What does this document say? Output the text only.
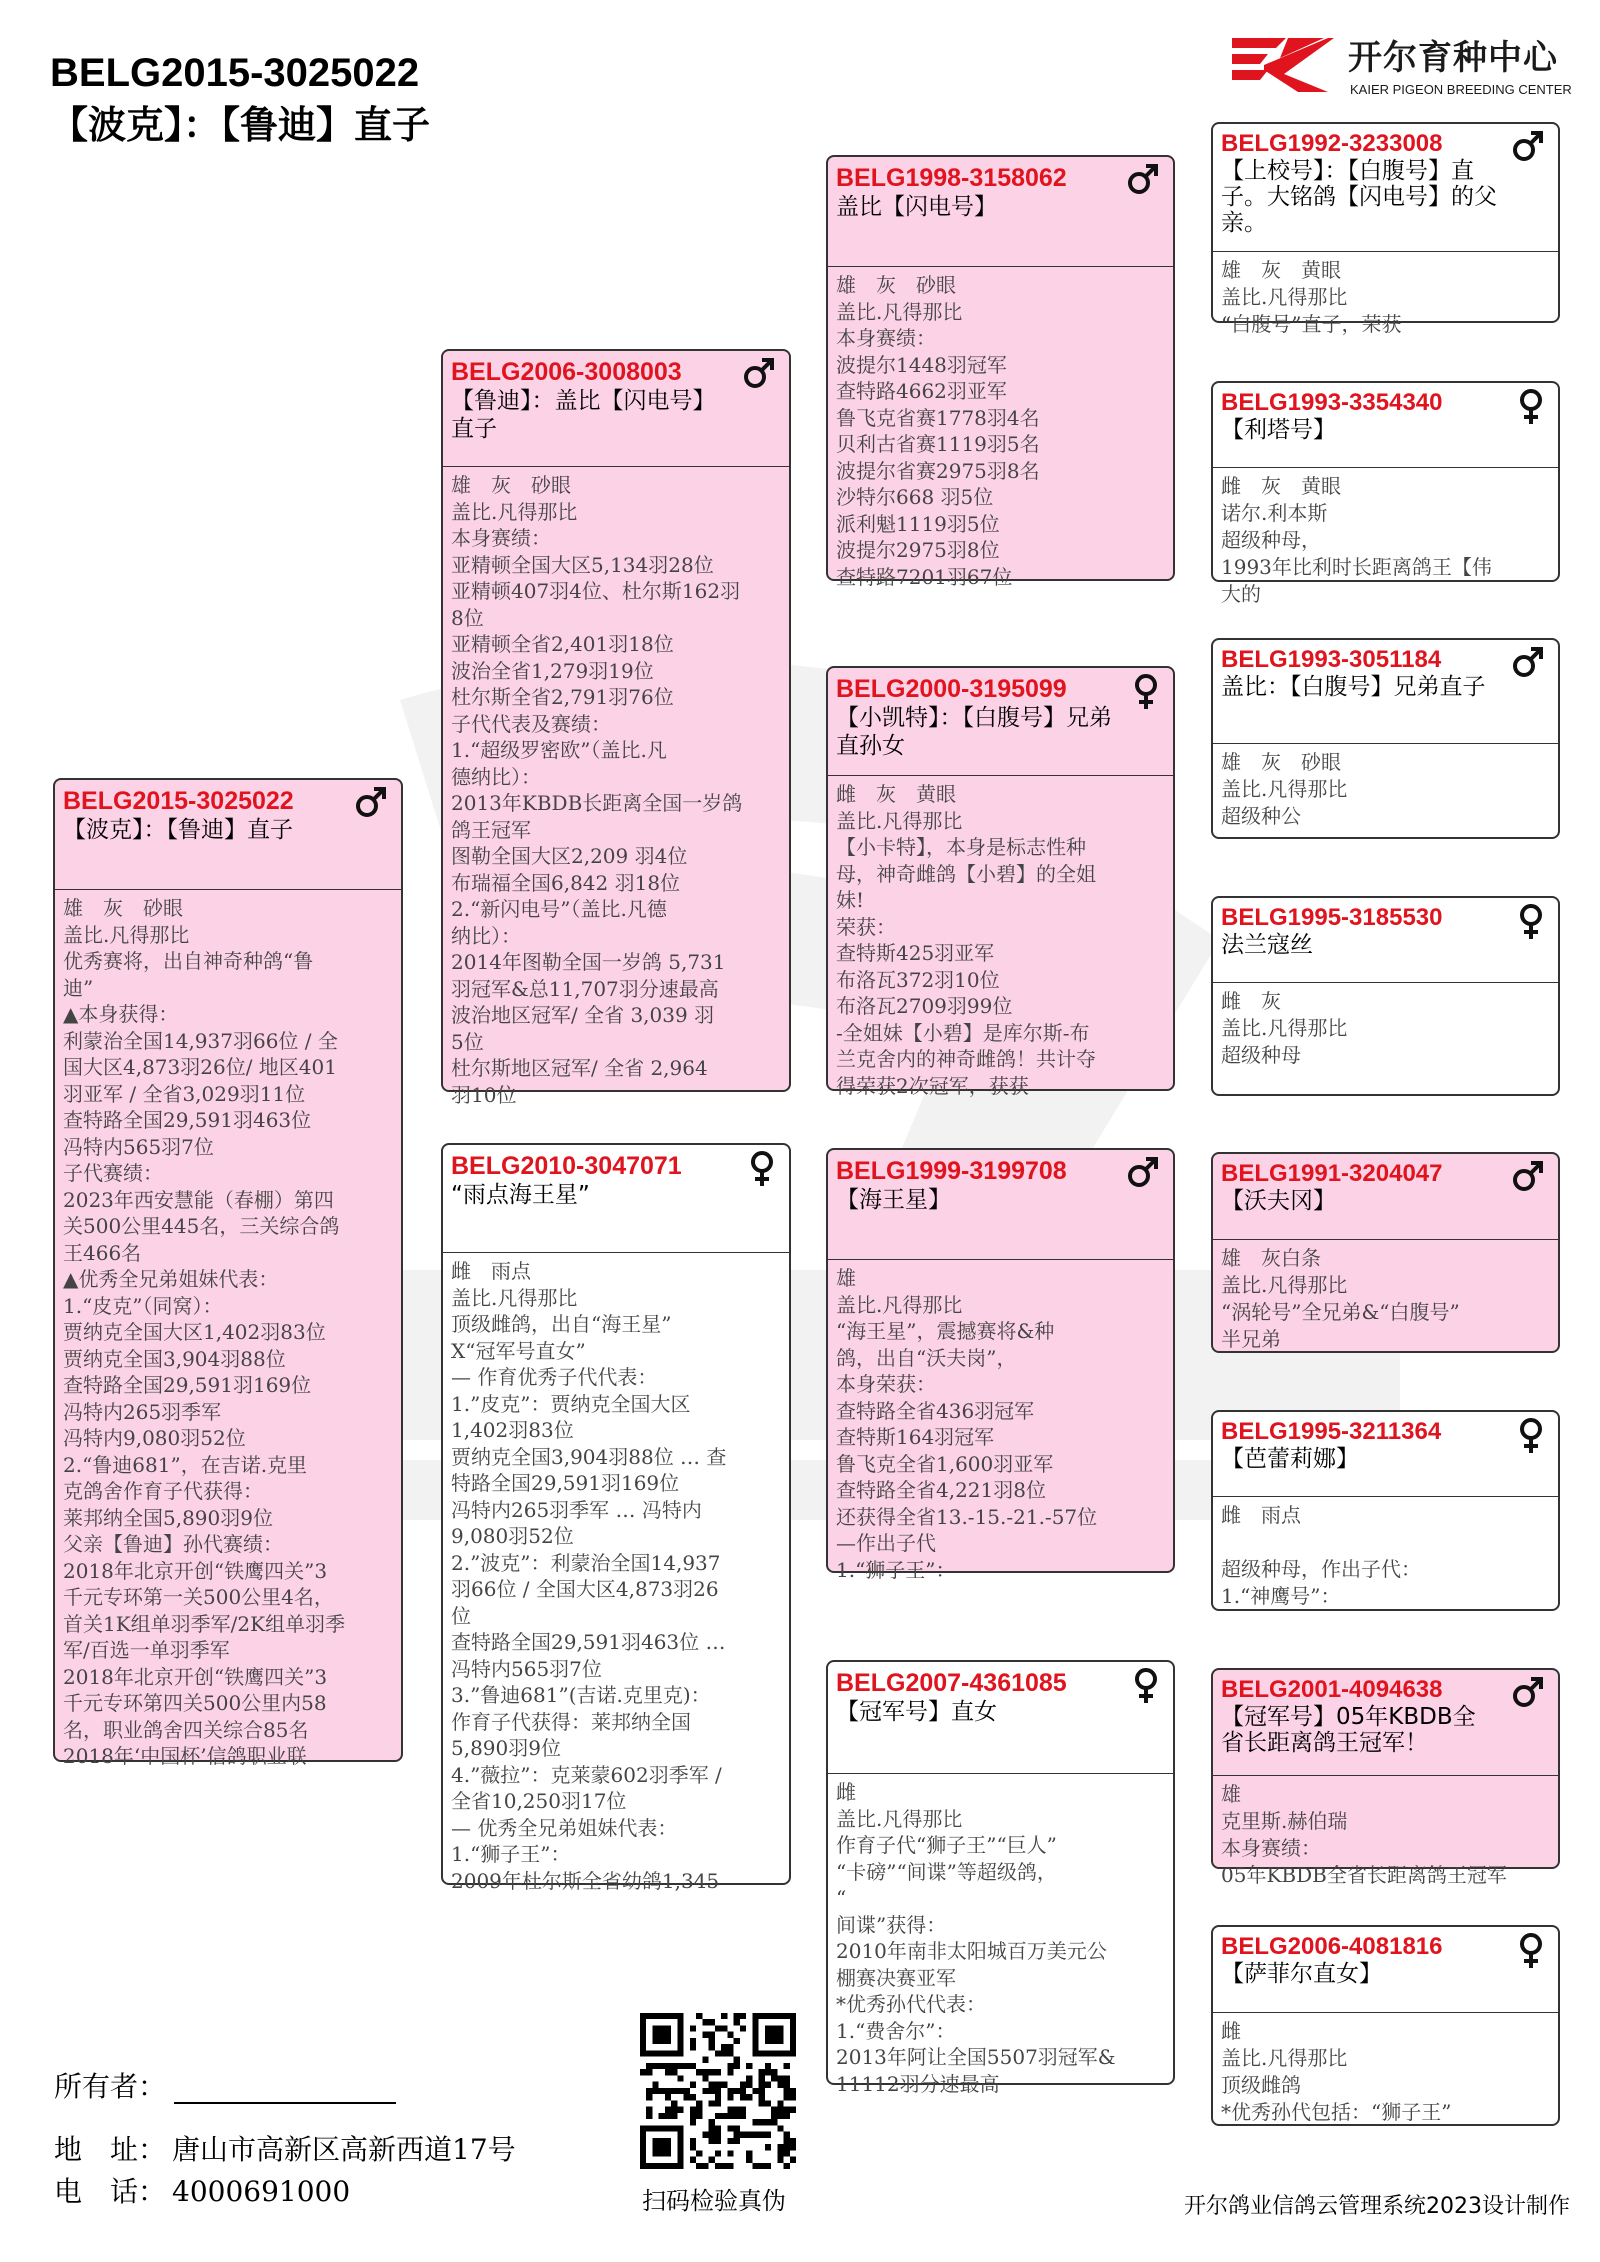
BELG2015-3025022
【波克】：【鲁迪】直子
开尔育种中心
KAIER PIGEON BREEDING CENTER
BELG2015-3025022
【波克】：【鲁迪】直子
雄　灰　砂眼
盖比.凡得那比
优秀赛将，出自神奇种鸽“鲁
迪”
▲本身获得：
利蒙治全国14,937羽66位 / 全
国大区4,873羽26位/ 地区401
羽亚军 / 全省3,029羽11位
查特路全国29,591羽463位
冯特内565羽7位
子代赛绩：
2023年西安慧能（春棚）第四
关500公里445名，三关综合鸽
王466名
▲优秀全兄弟姐妹代表：
1.“皮克”（同窝）：
贾纳克全国大区1,402羽83位
贾纳克全国3,904羽88位
查特路全国29,591羽169位
冯特内265羽季军
冯特内9,080羽52位
2.“鲁迪681”，在吉诺.克里
克鸽舍作育子代获得：
莱邦纳全国5,890羽9位
父亲【鲁迪】孙代赛绩：
2018年北京开创“铁鹰四关”3
千元专环第一关500公里4名，
首关1K组单羽季军/2K组单羽季
军/百选一单羽季军
2018年北京开创“铁鹰四关”3
千元专环第四关500公里内58
名，职业鸽舍四关综合85名
2018年‘中国杯’信鸽职业联
BELG2006-3008003
【鲁迪】：盖比【闪电号】直子
雄　灰　砂眼
盖比.凡得那比
本身赛绩：
亚精顿全国大区5,134羽28位
亚精顿407羽4位、杜尔斯162羽
8位
亚精顿全省2,401羽18位
波治全省1,279羽19位
杜尔斯全省2,791羽76位
子代代表及赛绩：
1.“超级罗密欧”（盖比.凡
德纳比）：
2013年KBDB长距离全国一岁鸽
鸽王冠军
图勒全国大区2,209 羽4位
布瑞福全国6,842 羽18位
2.“新闪电号”（盖比.凡德
纳比）：
2014年图勒全国一岁鸽 5,731
羽冠军&总11,707羽分速最高
波治地区冠军/ 全省 3,039 羽
5位
杜尔斯地区冠军/ 全省 2,964
羽10位
BELG2010-3047071
“雨点海王星”
雌　雨点
盖比.凡得那比
顶级雌鸽，出自“海王星”
X“冠军号直女”
— 作育优秀子代代表：
1.”皮克”：贾纳克全国大区
1,402羽83位
贾纳克全国3,904羽88位 … 查
特路全国29,591羽169位
冯特内265羽季军 … 冯特内
9,080羽52位
2.”波克”：利蒙治全国14,937
羽66位 / 全国大区4,873羽26
位
查特路全国29,591羽463位 …
冯特内565羽7位
3.”鲁迪681”(吉诺.克里克)：
作育子代获得：莱邦纳全国
5,890羽9位
4.”薇拉”：克莱蒙602羽季军 /
全省10,250羽17位
— 优秀全兄弟姐妹代表：
1.“狮子王”：
2009年杜尔斯全省幼鸽1,345
BELG1998-3158062
盖比【闪电号】
雄　灰　砂眼
盖比.凡得那比
本身赛绩：
波提尔1448羽冠军
查特路4662羽亚军
鲁飞克省赛1778羽4名
贝利古省赛1119羽5名
波提尔省赛2975羽8名
沙特尔668 羽5位
派利魁1119羽5位
波提尔2975羽8位
查特路7201羽67位
BELG2000-3195099
【小凯特】：【白腹号】兄弟直孙女
雌　灰　黄眼
盖比.凡得那比
【小卡特】，本身是标志性种
母，神奇雌鸽【小碧】的全姐
妹!
荣获：
查特斯425羽亚军
布洛瓦372羽10位
布洛瓦2709羽99位
-全姐妹【小碧】是库尔斯-布
兰克舍内的神奇雌鸽！共计夺
得荣获2次冠军，获获
BELG1999-3199708
【海王星】
雄
盖比.凡得那比
“海王星”，震撼赛将&种
鸽，出自“沃夫岗”，
本身荣获：
查特路全省436羽冠军
查特斯164羽冠军
鲁飞克全省1,600羽亚军
查特路全省4,221羽8位
还获得全省13.-15.-21.-57位
—作出子代
1.“狮子王”：
BELG2007-4361085
【冠军号】直女
雌
盖比.凡得那比
作育子代“狮子王”“巨人”
“卡磅”“间谍”等超级鸽，
“
间谍”获得：
2010年南非太阳城百万美元公
棚赛决赛亚军
*优秀孙代代表：
1.“费舍尔”：
2013年阿让全国5507羽冠军&
11112羽分速最高
BELG1992-3233008
【上校号】：【白腹号】直子。大铭鸽【闪电号】的父亲。
雄　灰　黄眼
盖比.凡得那比
“白腹号”直子，荣获
BELG1993-3354340
【利塔号】
雌　灰　黄眼
诺尔.利本斯
超级种母，
1993年比利时长距离鸽王【伟
大的
BELG1993-3051184
盖比：【白腹号】兄弟直子
雄　灰　砂眼
盖比.凡得那比
超级种公
BELG1995-3185530
法兰寇丝
雌　灰
盖比.凡得那比
超级种母
BELG1991-3204047
【沃夫冈】
雄　灰白条
盖比.凡得那比
“涡轮号”全兄弟&“白腹号”
半兄弟
BELG1995-3211364
【芭蕾莉娜】
雌　雨点

超级种母，作出子代：
1.“神鹰号”：
BELG2001-4094638
【冠军号】05年KBDB全省长距离鸽王冠军！
雄
克里斯.赫伯瑞
本身赛绩：
05年KBDB全省长距离鸽王冠军
BELG2006-4081816
【萨菲尔直女】
雌
盖比.凡得那比
顶级雌鸽
*优秀孙代包括：“狮子王”
所有者：
地　址： 唐山市高新区高新西道17号
电　话： 4000691000	扫码检验真伪	开尔鸽业信鸽云管理系统2023设计制作
